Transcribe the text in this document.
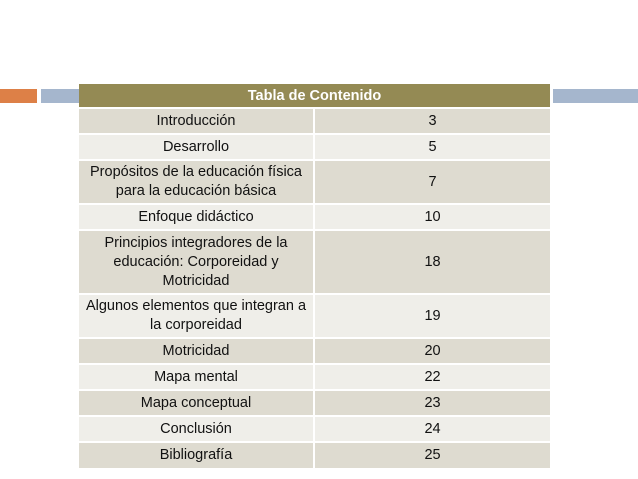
Tabla de Contenido	
Introducción	3
Desarrollo	5
Propósitos de la educación física para la educación básica	7
Enfoque didáctico	10
Principios integradores de la educación: Corporeidad y Motricidad	18
Algunos elementos que integran a la corporeidad	19
Motricidad	20
Mapa mental	22
Mapa conceptual	23
Conclusión	24
Bibliografía	25
